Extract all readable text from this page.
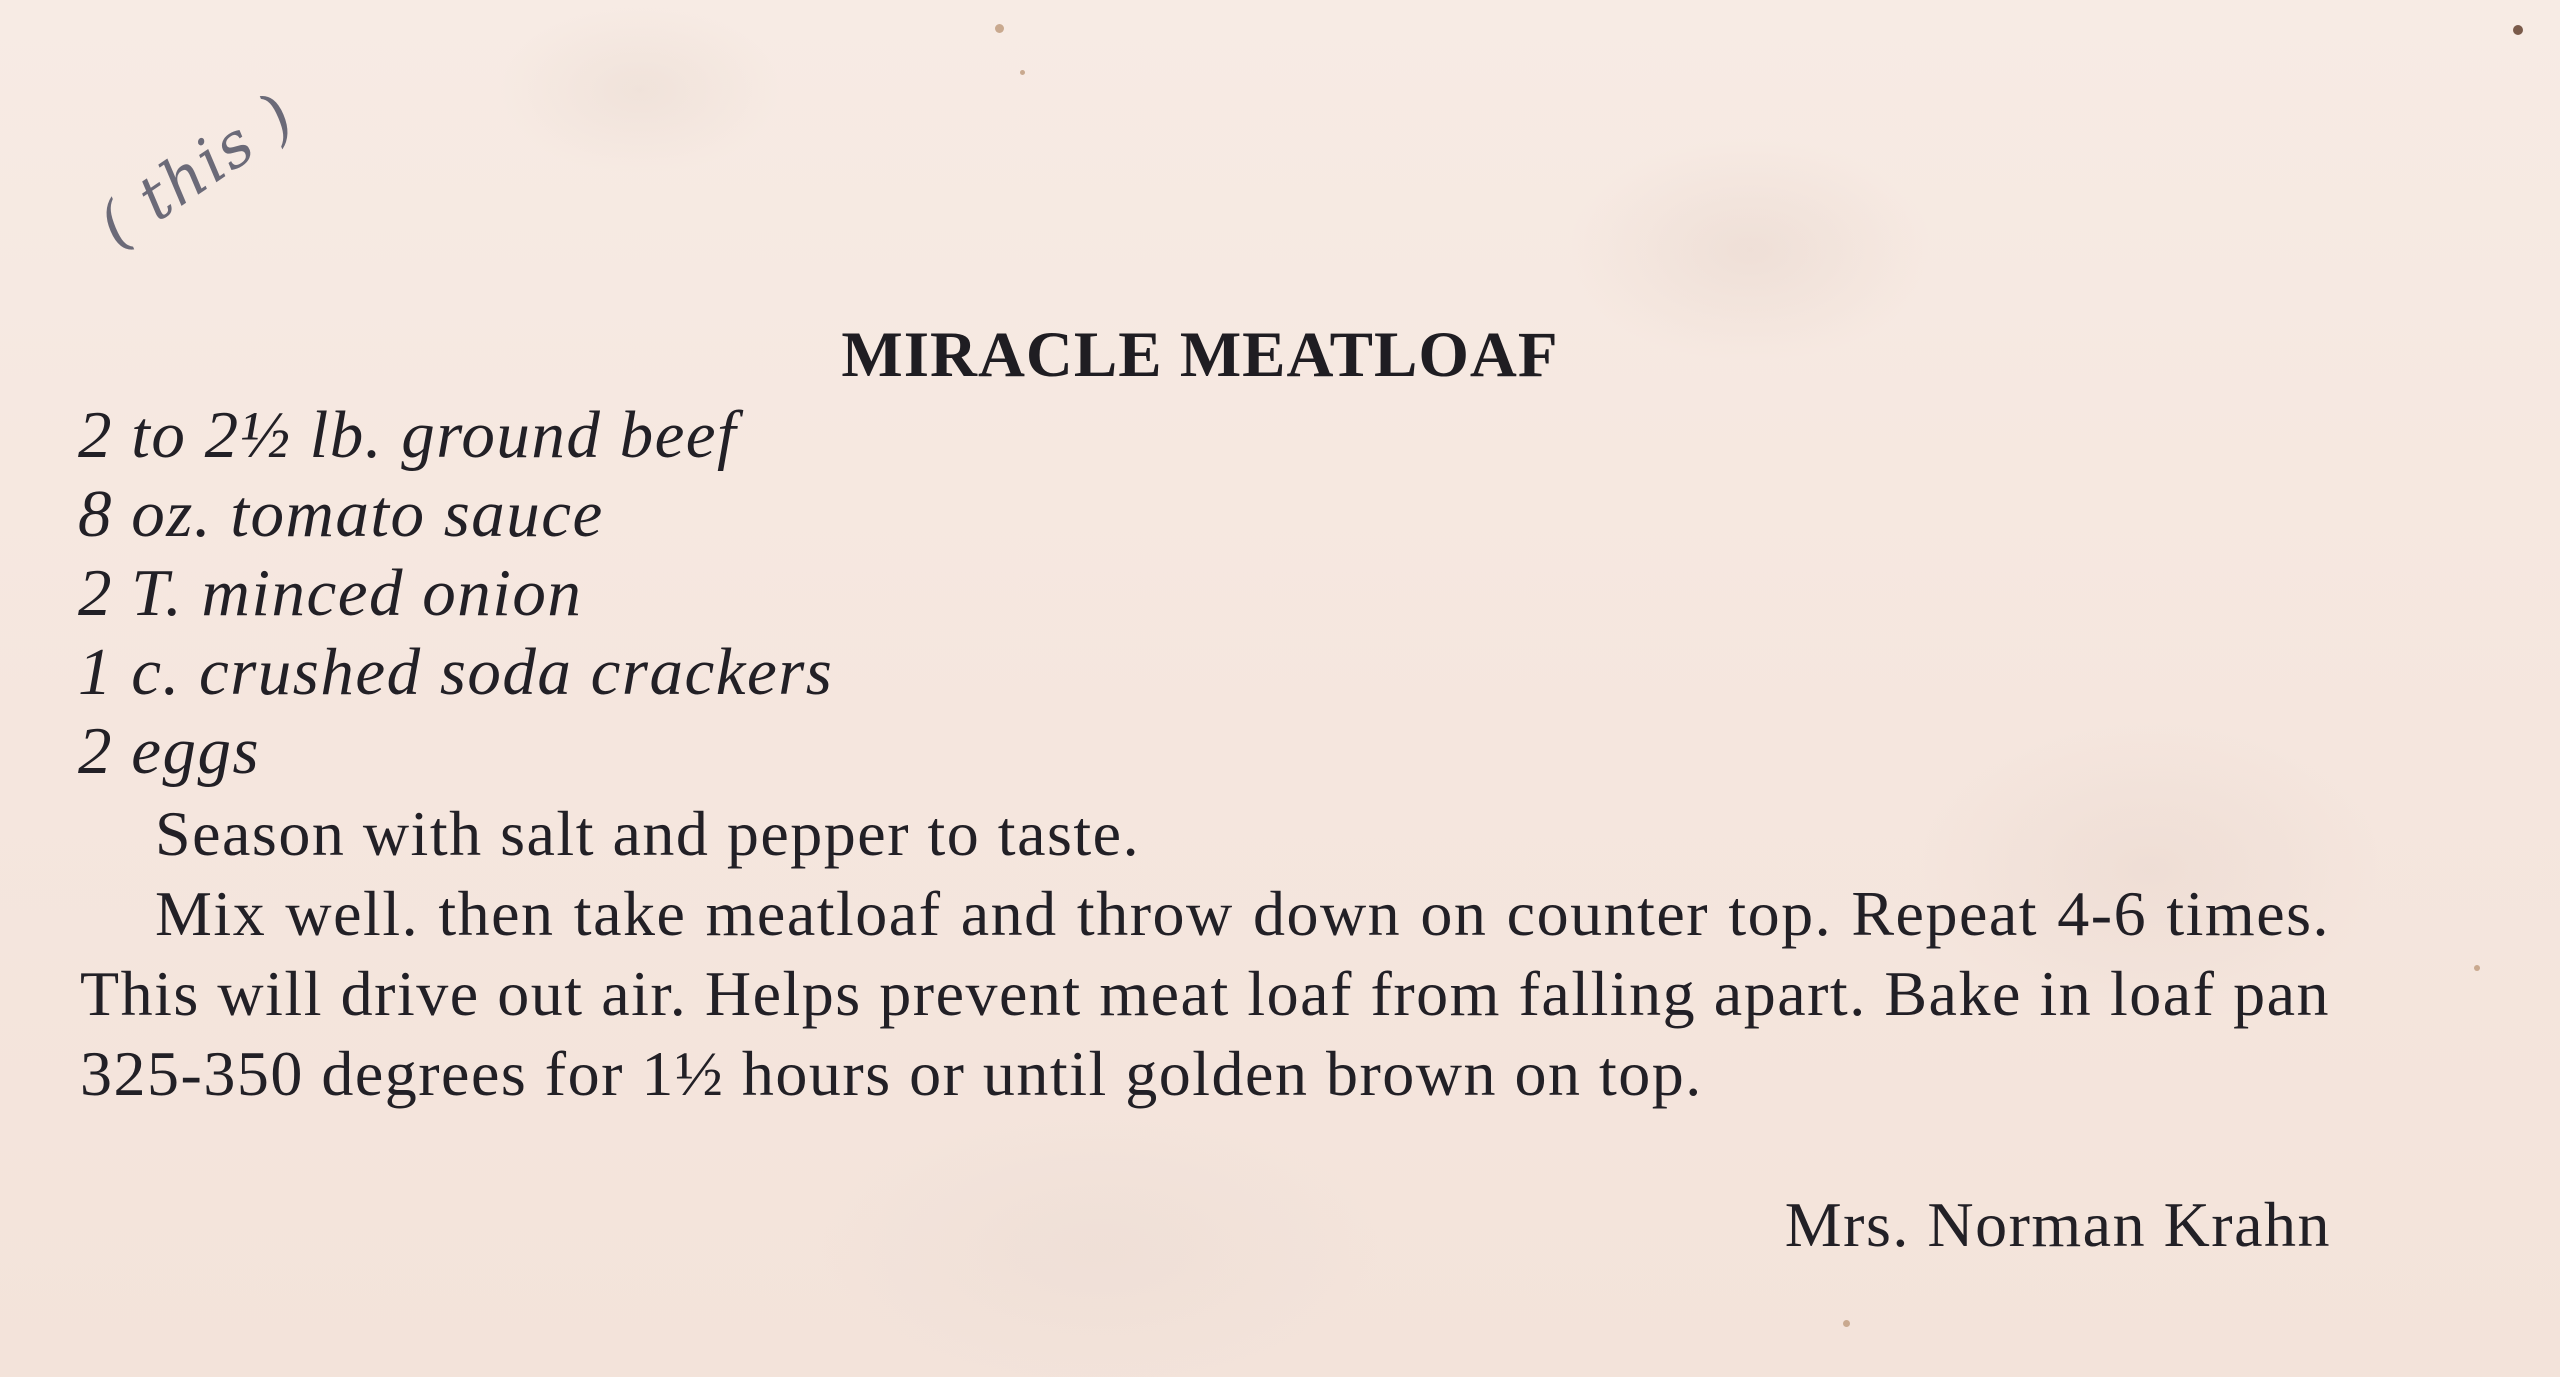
( this )
MIRACLE MEATLOAF
2 to 2½ lb. ground beef
8 oz. tomato sauce
2 T. minced onion
1 c. crushed soda crackers
2 eggs

Season with salt and pepper to taste.

Mix well. then take meatloaf and throw down on counter top. Repeat 4-6 times. This will drive out air. Helps prevent meat loaf from falling apart. Bake in loaf pan 325-350 degrees for 1½ hours or until golden brown on top.

Mrs. Norman Krahn
